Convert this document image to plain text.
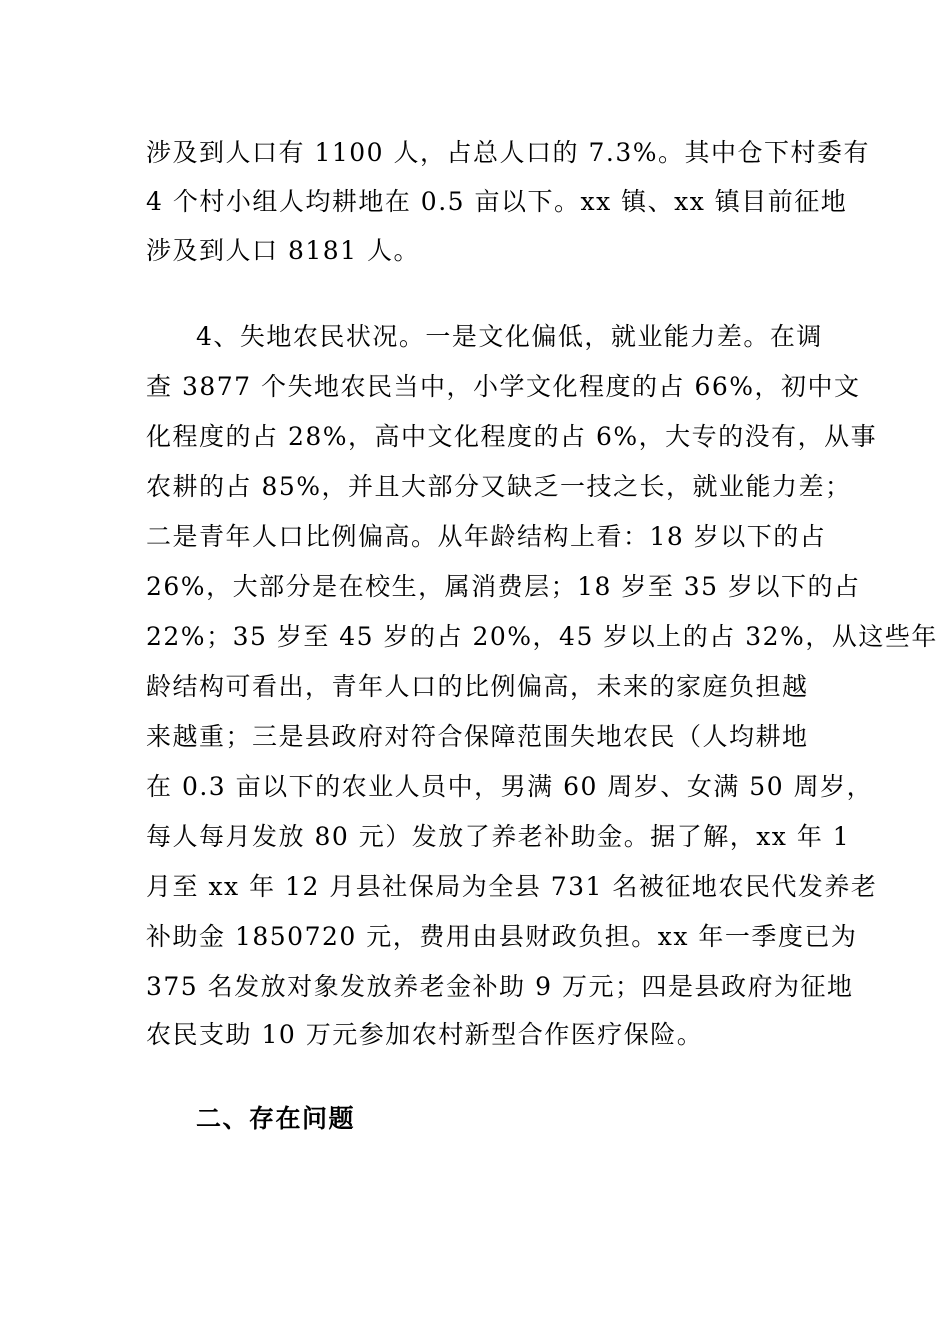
涉及到人口有 1100 人，占总人口的 7.3%。其中仓下村委有
4 个村小组人均耕地在 0.5 亩以下。xx 镇、xx 镇目前征地
涉及到人口 8181 人。
4、失地农民状况。一是文化偏低，就业能力差。在调
查 3877 个失地农民当中，小学文化程度的占 66%，初中文
化程度的占 28%，高中文化程度的占 6%，大专的没有，从事
农耕的占 85%，并且大部分又缺乏一技之长，就业能力差；
二是青年人口比例偏高。从年龄结构上看：18 岁以下的占
26%，大部分是在校生，属消费层；18 岁至 35 岁以下的占
22%；35 岁至 45 岁的占 20%，45 岁以上的占 32%，从这些年
龄结构可看出，青年人口的比例偏高，未来的家庭负担越
来越重；三是县政府对符合保障范围失地农民（人均耕地
在 0.3 亩以下的农业人员中，男满 60 周岁、女满 50 周岁，
每人每月发放 80 元）发放了养老补助金。据了解，xx 年 1
月至 xx 年 12 月县社保局为全县 731 名被征地农民代发养老
补助金 1850720 元，费用由县财政负担。xx 年一季度已为
375 名发放对象发放养老金补助 9 万元；四是县政府为征地
农民支助 10 万元参加农村新型合作医疗保险。
二、存在问题
